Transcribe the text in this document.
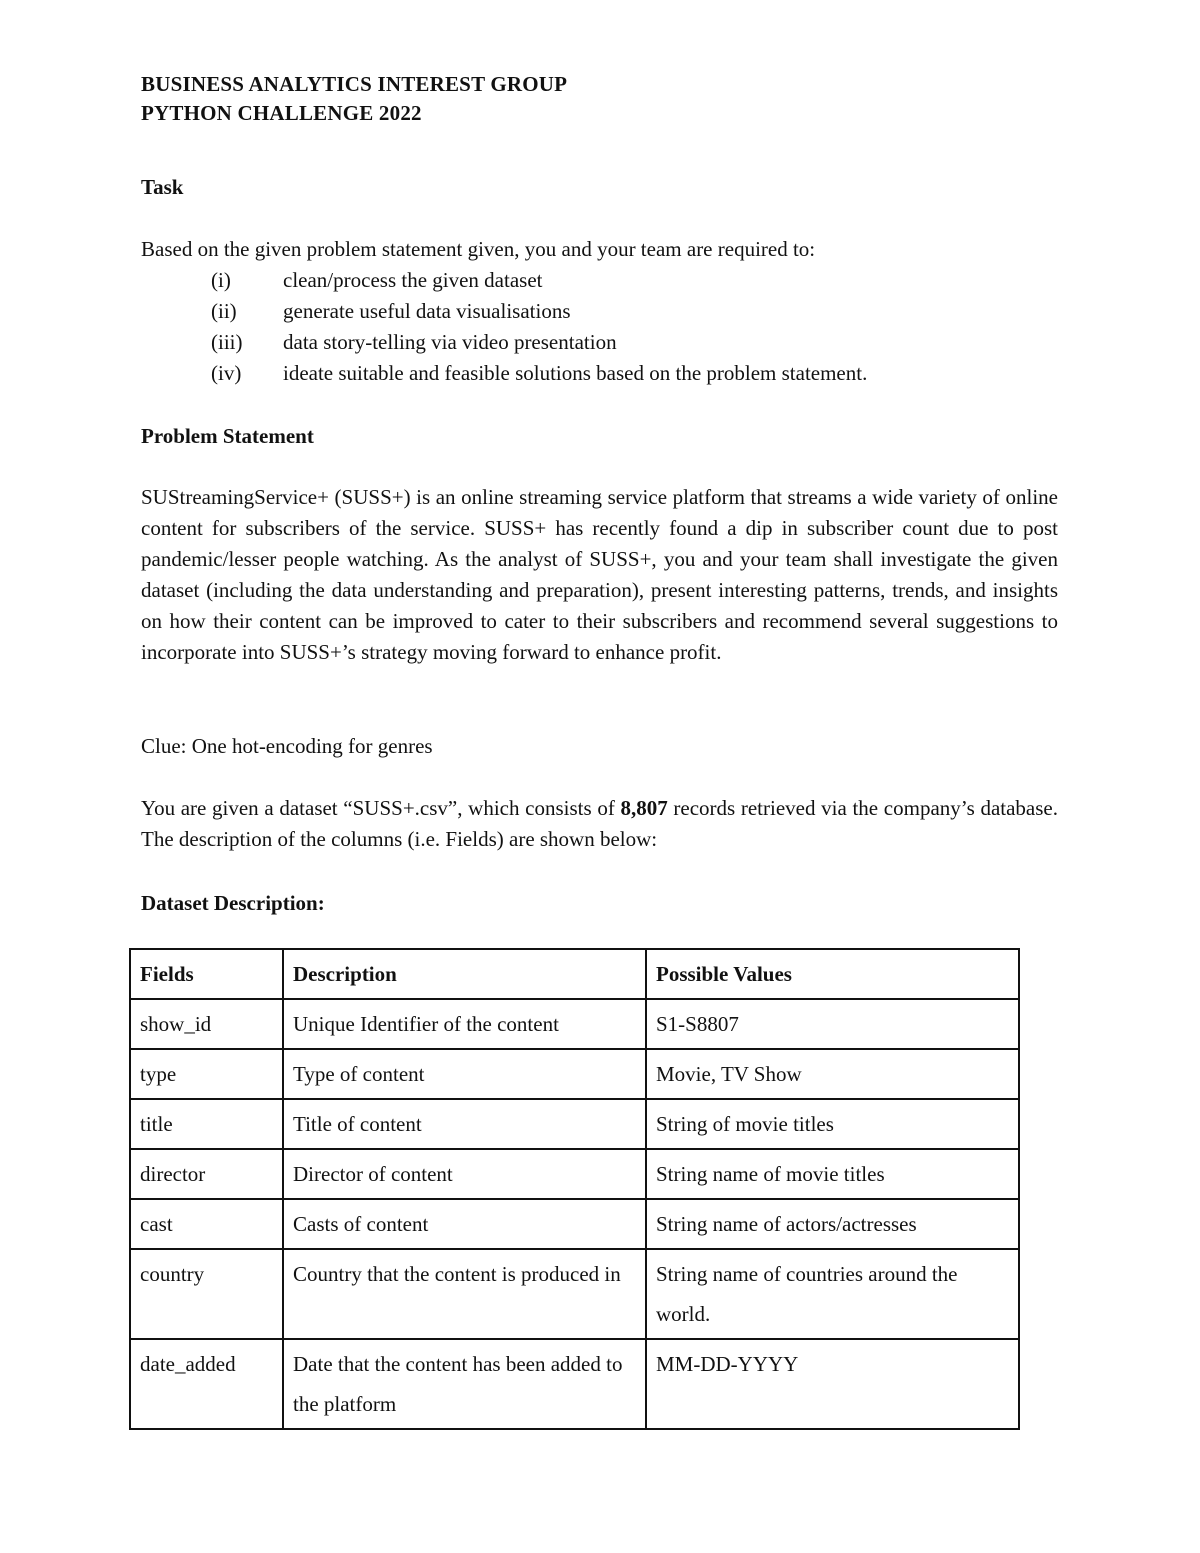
BUSINESS ANALYTICS INTEREST GROUP
PYTHON CHALLENGE 2022
Task
Based on the given problem statement given, you and your team are required to:
(i) clean/process the given dataset
(ii) generate useful data visualisations
(iii) data story-telling via video presentation
(iv) ideate suitable and feasible solutions based on the problem statement.
Problem Statement

SUStreamingService+ (SUSS+) is an online streaming service platform that streams a wide variety of online content for subscribers of the service. SUSS+ has recently found a dip in subscriber count due to post pandemic/lesser people watching. As the analyst of SUSS+, you and your team shall investigate the given dataset (including the data understanding and preparation), present interesting patterns, trends, and insights on how their content can be improved to cater to their subscribers and recommend several suggestions to incorporate into SUSS+’s strategy moving forward to enhance profit.

Clue: One hot-encoding for genres

You are given a dataset “SUSS+.csv”, which consists of 8,807 records retrieved via the company’s database. The description of the columns (i.e. Fields) are shown below:

Dataset Description:
Fields	Description	Possible Values
show_id	Unique Identifier of the content	S1-S8807
type	Type of content	Movie, TV Show
title	Title of content	String of movie titles
director	Director of content	String name of movie titles
cast	Casts of content	String name of actors/actresses
country	Country that the content is produced in	String name of countries around the world.
date_added	Date that the content has been added to the platform	MM-DD-YYYY
